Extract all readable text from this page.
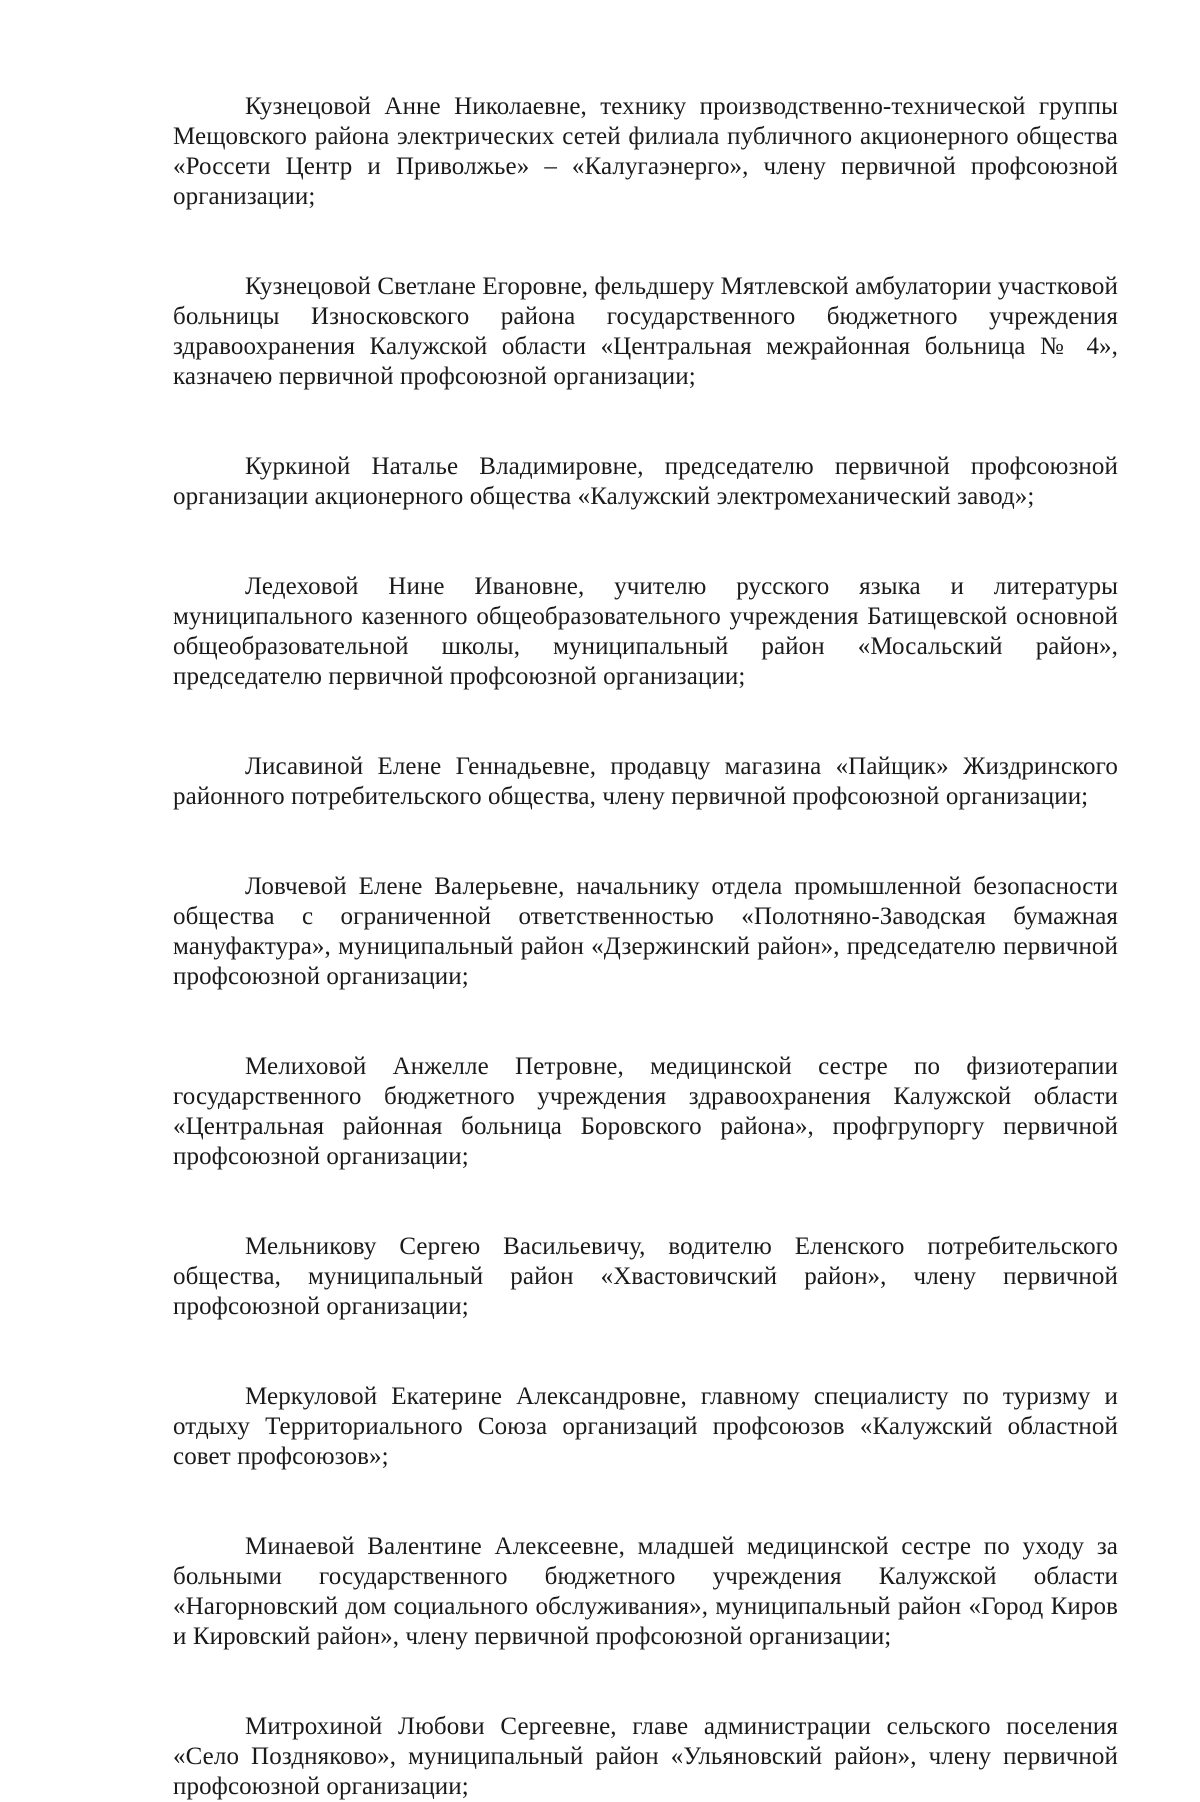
Кузнецовой Анне Николаевне, технику производственно-технической группы Мещовского района электрических сетей филиала публичного акционерного общества «Россети Центр и Приволжье» – «Калугаэнерго», члену первичной профсоюзной организации;

Кузнецовой Светлане Егоровне, фельдшеру Мятлевской амбулатории участковой больницы Износковского района государственного бюджетного учреждения здравоохранения Калужской области «Центральная межрайонная больница № 4», казначею первичной профсоюзной организации;

Куркиной Наталье Владимировне, председателю первичной профсоюзной организации акционерного общества «Калужский электромеханический завод»;

Ледеховой Нине Ивановне, учителю русского языка и литературы муниципального казенного общеобразовательного учреждения Батищевской основной общеобразовательной школы, муниципальный район «Мосальский район», председателю первичной профсоюзной организации;

Лисавиной Елене Геннадьевне, продавцу магазина «Пайщик» Жиздринского районного потребительского общества, члену первичной профсоюзной организации;

Ловчевой Елене Валерьевне, начальнику отдела промышленной безопасности общества с ограниченной ответственностью «Полотняно-Заводская бумажная мануфактура», муниципальный район «Дзержинский район», председателю первичной профсоюзной организации;

Мелиховой Анжелле Петровне, медицинской сестре по физиотерапии государственного бюджетного учреждения здравоохранения Калужской области «Центральная районная больница Боровского района», профгрупоргу первичной профсоюзной организации;

Мельникову Сергею Васильевичу, водителю Еленского потребительского общества, муниципальный район «Хвастовичский район», члену первичной профсоюзной организации;

Меркуловой Екатерине Александровне, главному специалисту по туризму и отдыху Территориального Союза организаций профсоюзов «Калужский областной совет профсоюзов»;

Минаевой Валентине Алексеевне, младшей медицинской сестре по уходу за больными государственного бюджетного учреждения Калужской области «Нагорновский дом социального обслуживания», муниципальный район «Город Киров и Кировский район», члену первичной профсоюзной организации;

Митрохиной Любови Сергеевне, главе администрации сельского поселения «Село Поздняково», муниципальный район «Ульяновский район», члену первичной профсоюзной организации;
